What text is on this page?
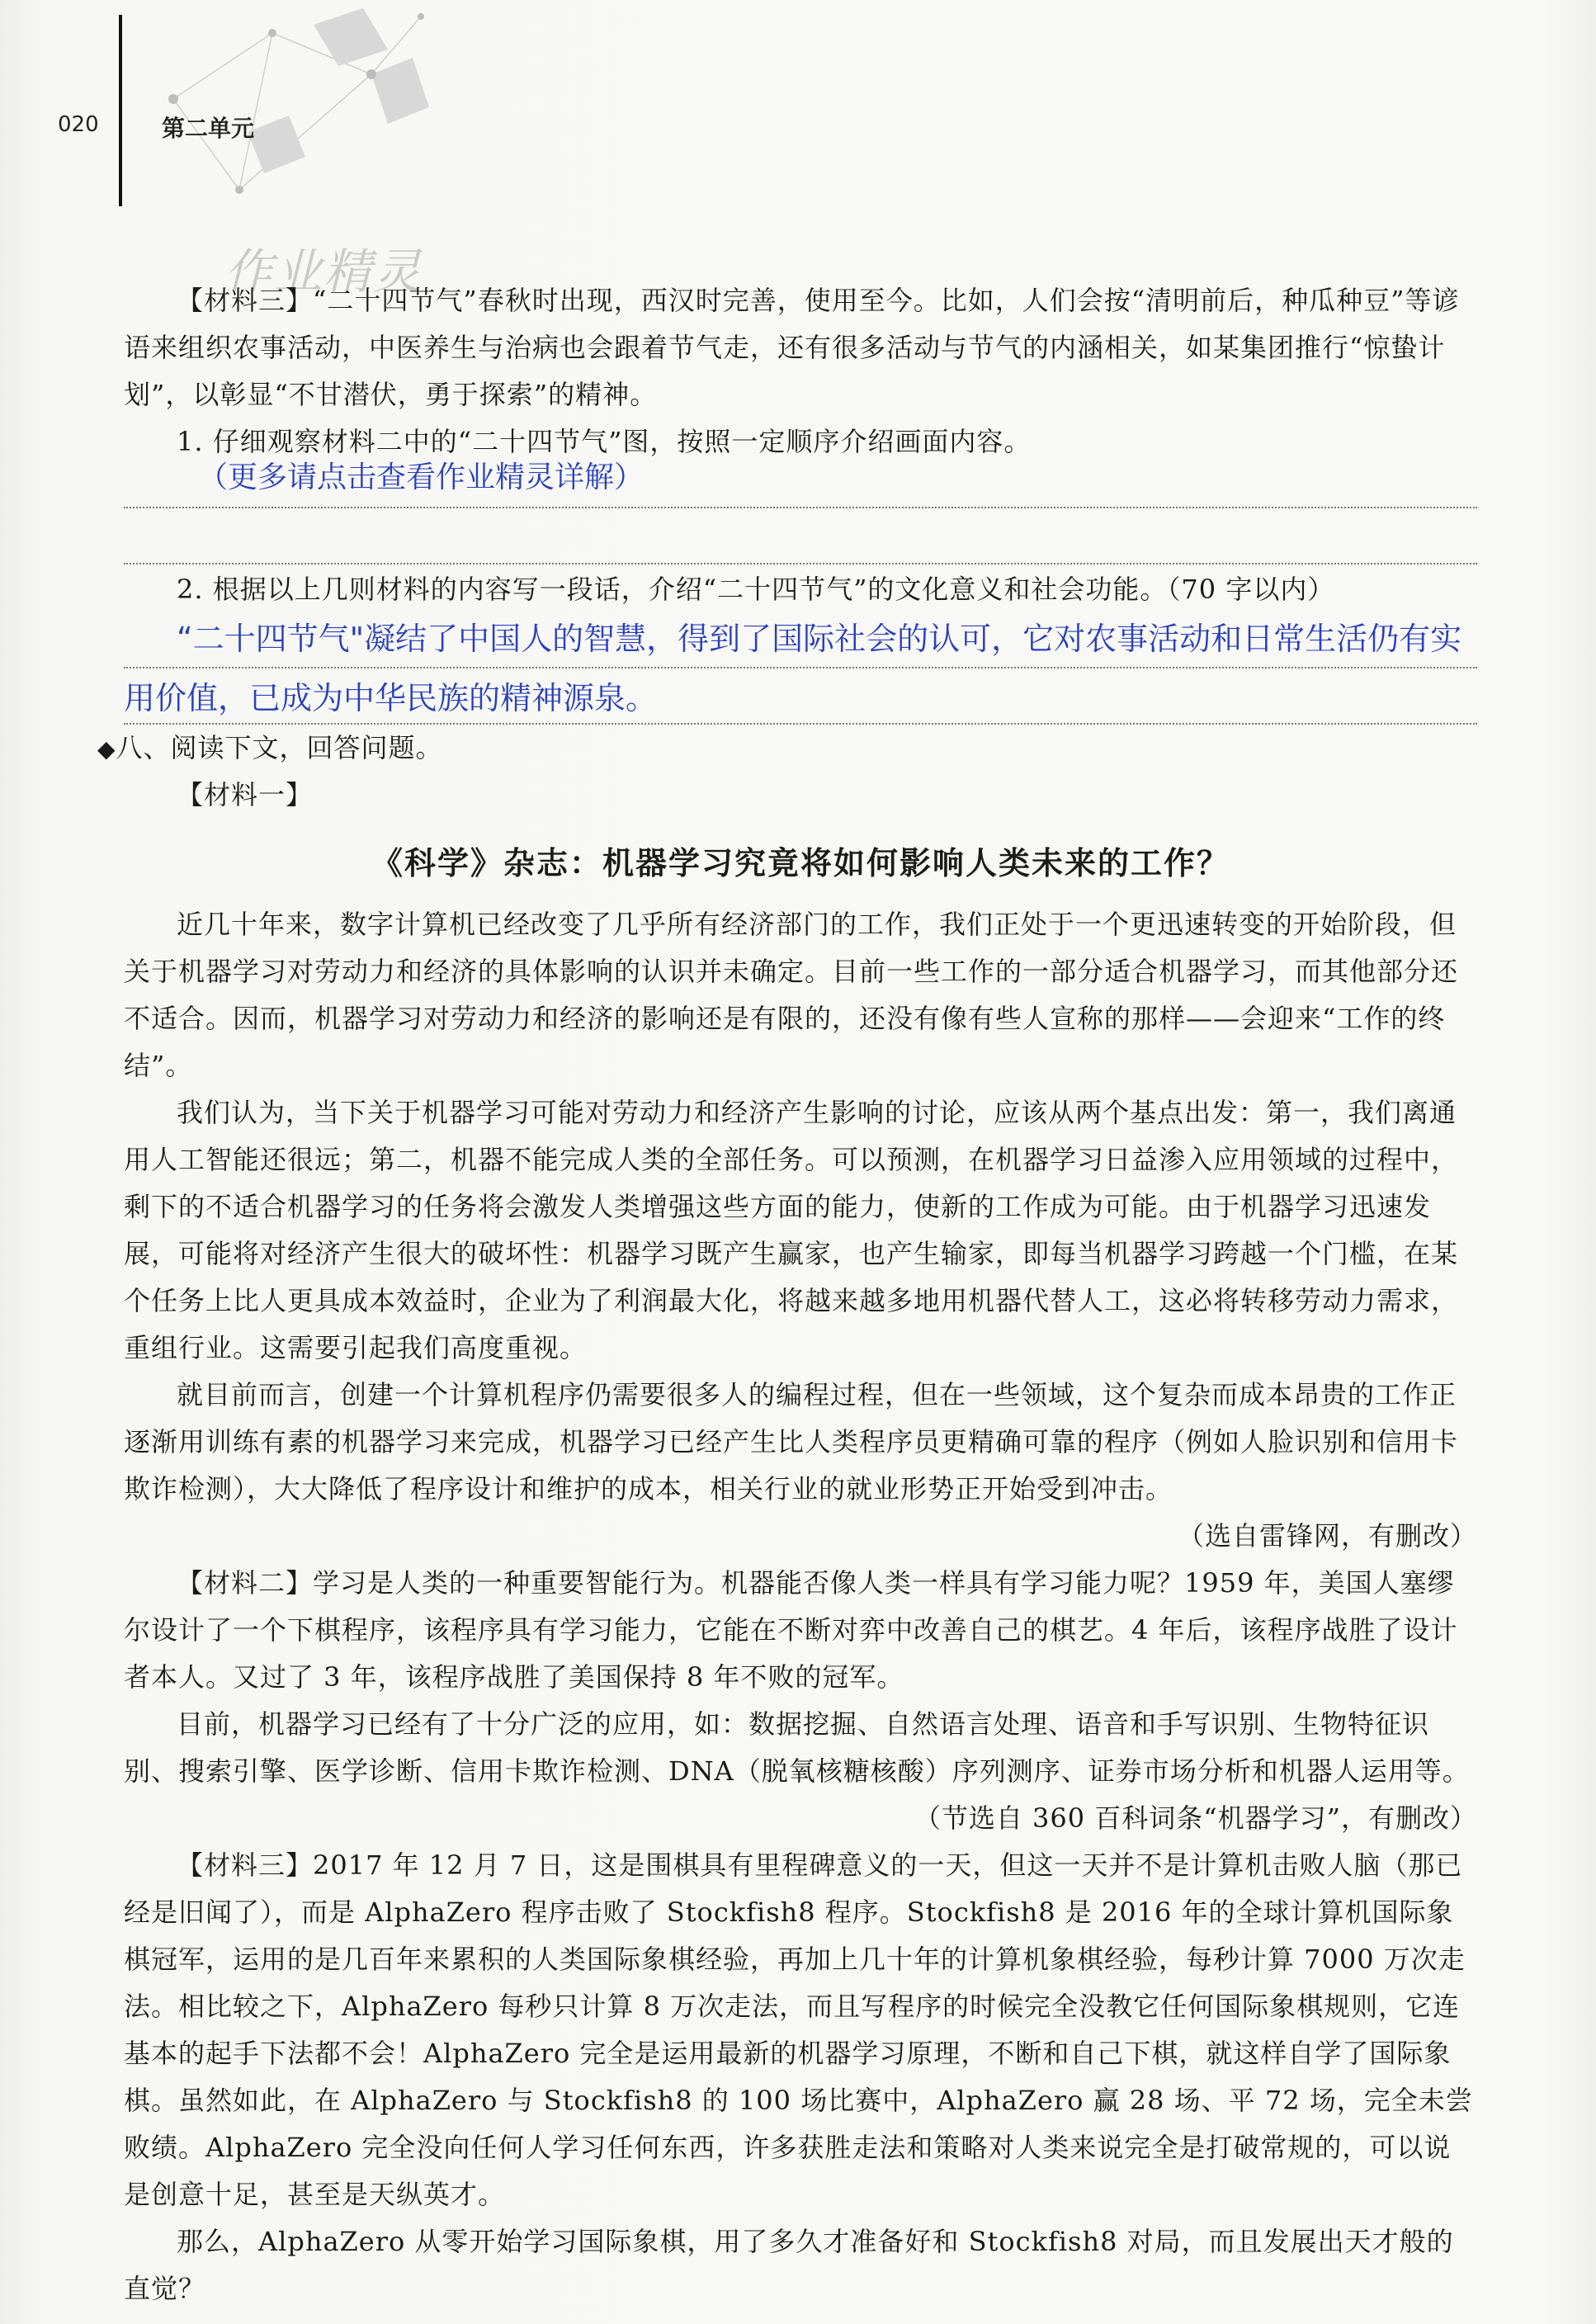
020	第二单元
作业精灵

【材料三】“二十四节气”春秋时出现，西汉时完善，使用至今。比如，人们会按“清明前后，种瓜种豆”等谚语来组织农事活动，中医养生与治病也会跟着节气走，还有很多活动与节气的内涵相关，如某集团推行“惊蛰计划”，以彰显“不甘潜伏，勇于探索”的精神。

1. 仔细观察材料二中的“二十四节气”图，按照一定顺序介绍画面内容。

（更多请点击查看作业精灵详解）

2. 根据以上几则材料的内容写一段话，介绍“二十四节气”的文化意义和社会功能。（70 字以内）

“二十四节气"凝结了中国人的智慧，得到了国际社会的认可，它对农事活动和日常生活仍有实用价值，已成为中华民族的精神源泉。
◆八、阅读下文，回答问题。
【材料一】
《科学》杂志：机器学习究竟将如何影响人类未来的工作？

近几十年来，数字计算机已经改变了几乎所有经济部门的工作，我们正处于一个更迅速转变的开始阶段，但关于机器学习对劳动力和经济的具体影响的认识并未确定。目前一些工作的一部分适合机器学习，而其他部分还不适合。因而，机器学习对劳动力和经济的影响还是有限的，还没有像有些人宣称的那样——会迎来“工作的终结”。

我们认为，当下关于机器学习可能对劳动力和经济产生影响的讨论，应该从两个基点出发：第一，我们离通用人工智能还很远；第二，机器不能完成人类的全部任务。可以预测，在机器学习日益渗入应用领域的过程中，剩下的不适合机器学习的任务将会激发人类增强这些方面的能力，使新的工作成为可能。由于机器学习迅速发展，可能将对经济产生很大的破坏性：机器学习既产生赢家，也产生输家，即每当机器学习跨越一个门槛，在某个任务上比人更具成本效益时，企业为了利润最大化，将越来越多地用机器代替人工，这必将转移劳动力需求，重组行业。这需要引起我们高度重视。

就目前而言，创建一个计算机程序仍需要很多人的编程过程，但在一些领域，这个复杂而成本昂贵的工作正逐渐用训练有素的机器学习来完成，机器学习已经产生比人类程序员更精确可靠的程序（例如人脸识别和信用卡欺诈检测），大大降低了程序设计和维护的成本，相关行业的就业形势正开始受到冲击。

（选自雷锋网，有删改）

【材料二】学习是人类的一种重要智能行为。机器能否像人类一样具有学习能力呢？1959 年，美国人塞缪尔设计了一个下棋程序，该程序具有学习能力，它能在不断对弈中改善自己的棋艺。4 年后，该程序战胜了设计者本人。又过了 3 年，该程序战胜了美国保持 8 年不败的冠军。

目前，机器学习已经有了十分广泛的应用，如：数据挖掘、自然语言处理、语音和手写识别、生物特征识别、搜索引擎、医学诊断、信用卡欺诈检测、DNA（脱氧核糖核酸）序列测序、证券市场分析和机器人运用等。

（节选自 360 百科词条“机器学习”，有删改）

【材料三】2017 年 12 月 7 日，这是围棋具有里程碑意义的一天，但这一天并不是计算机击败人脑（那已经是旧闻了），而是 AlphaZero 程序击败了 Stockfish8 程序。Stockfish8 是 2016 年的全球计算机国际象棋冠军，运用的是几百年来累积的人类国际象棋经验，再加上几十年的计算机象棋经验，每秒计算 7000 万次走法。相比较之下，AlphaZero 每秒只计算 8 万次走法，而且写程序的时候完全没教它任何国际象棋规则，它连基本的起手下法都不会！AlphaZero 完全是运用最新的机器学习原理，不断和自己下棋，就这样自学了国际象棋。虽然如此，在 AlphaZero 与 Stockfish8 的 100 场比赛中，AlphaZero 赢 28 场、平 72 场，完全未尝败绩。AlphaZero 完全没向任何人学习任何东西，许多获胜走法和策略对人类来说完全是打破常规的，可以说是创意十足，甚至是天纵英才。

那么，AlphaZero 从零开始学习国际象棋，用了多久才准备好和 Stockfish8 对局，而且发展出天才般的直觉？
